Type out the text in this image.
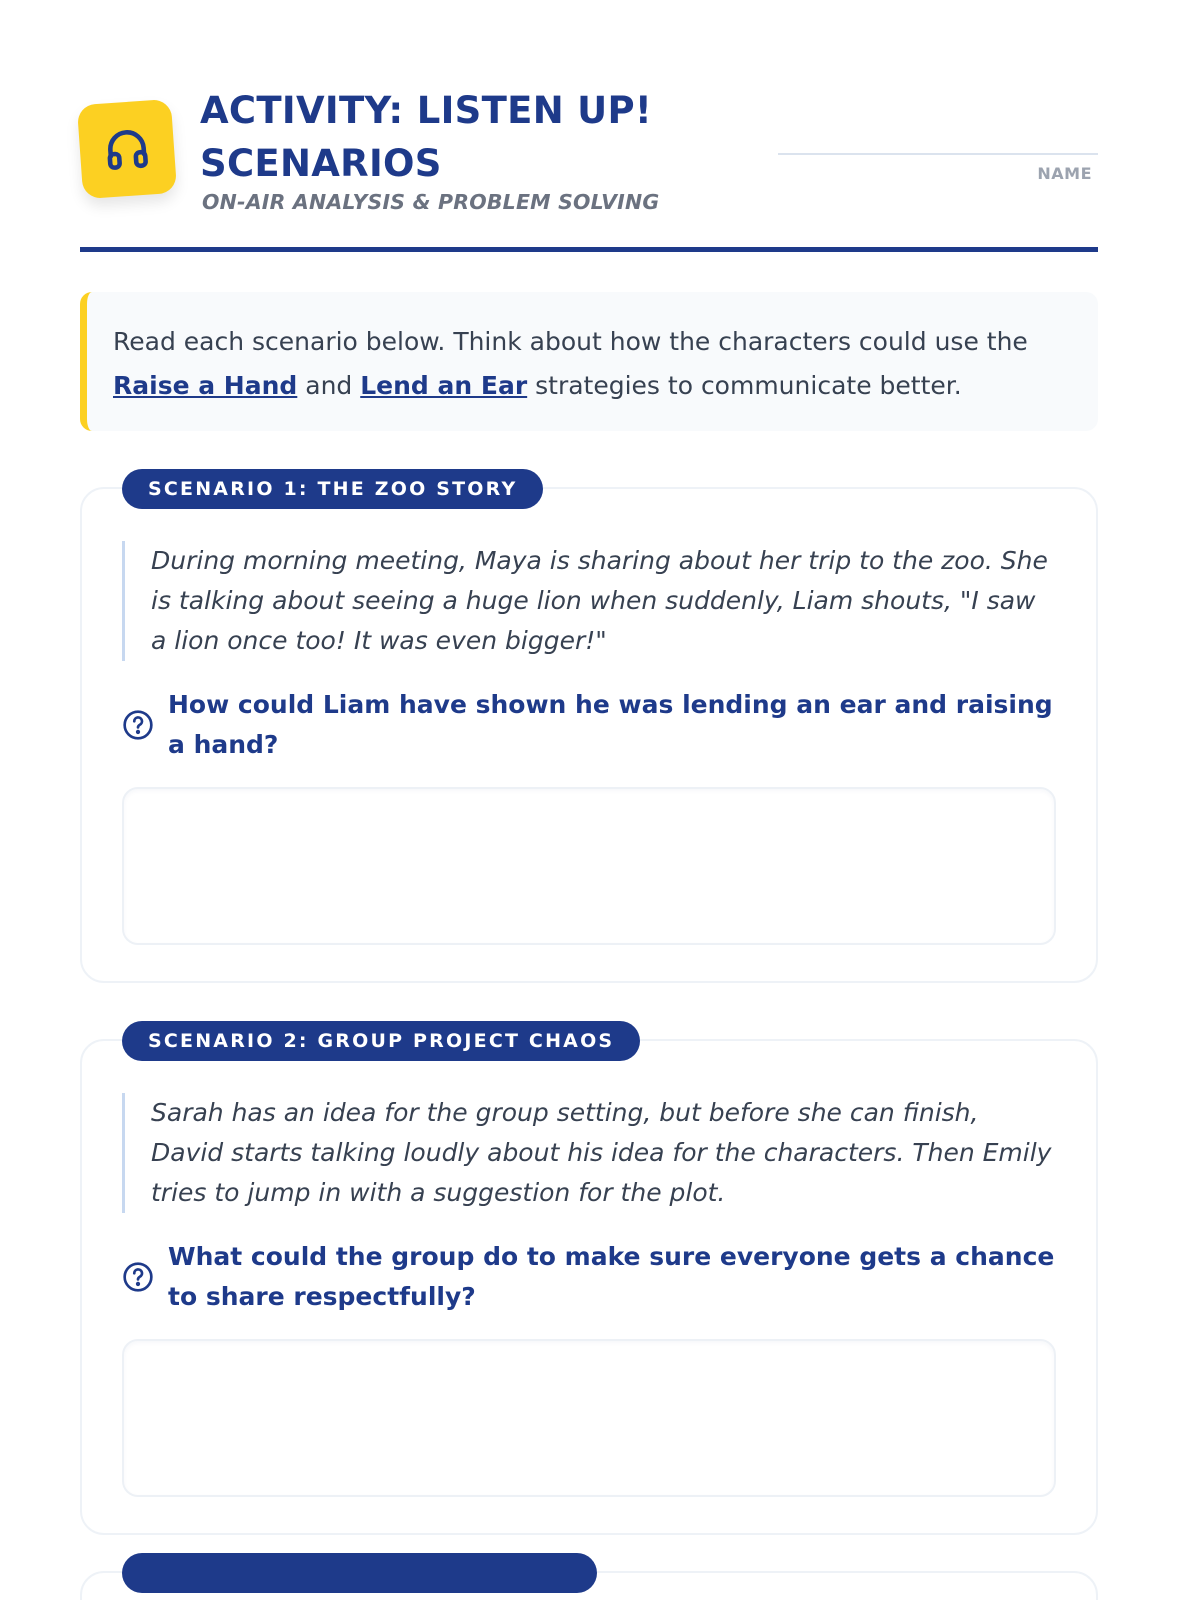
ACTIVITY: LISTEN UP! SCENARIOS
ON-AIR ANALYSIS & PROBLEM SOLVING
NAME
Read each scenario below. Think about how the characters could use the Raise a Hand and Lend an Ear strategies to communicate better.
During morning meeting, Maya is sharing about her trip to the zoo. She is talking about seeing a huge lion when suddenly, Liam shouts, "I saw a lion once too! It was even bigger!"
How could Liam have shown he was lending an ear and raising a hand?
SCENARIO 1: THE ZOO STORY
Sarah has an idea for the group setting, but before she can finish, David starts talking loudly about his idea for the characters. Then Emily tries to jump in with a suggestion for the plot.
What could the group do to make sure everyone gets a chance to share respectfully?
SCENARIO 2: GROUP PROJECT CHAOS
